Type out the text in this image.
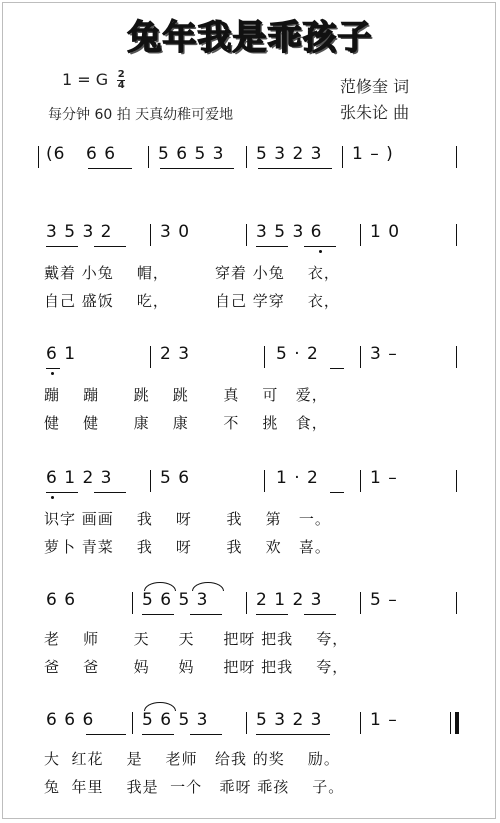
兔年我是乖孩子
1 = G $\frac{2}{4}$
每分钟 60 拍 天真幼稚可爱地
范修奎 词
张朱论 曲
(6 6 6 5 6 5 3 5 3 2 3 1 – )
3 5 3 2	3 0	3 5 3 6	1 0
戴着 小兔    帽，        穿着 小兔    衣，
自己 盛饭    吃，        自己 学穿    衣，
6 1	2 3	5 · 2	3 –
蹦    蹦      跳    跳      真    可   爱，
健    健      康    康      不    挑   食，
6 1 2 3	5 6	1 · 2	1 –
识字 画画    我    呀      我    第   一。
萝卜 青菜    我    呀      我    欢   喜。
6 6	5 6 5 3	2 1 2 3	5 –
老    师      天     天     把呀 把我    夸，
爸    爸      妈     妈     把呀 把我    夸，
6 6 6	5 6 5 3	5 3 2 3	1 –
大  红花    是    老师   给我 的奖    励。
兔  年里    我是  一个   乖呀 乖孩    子。
